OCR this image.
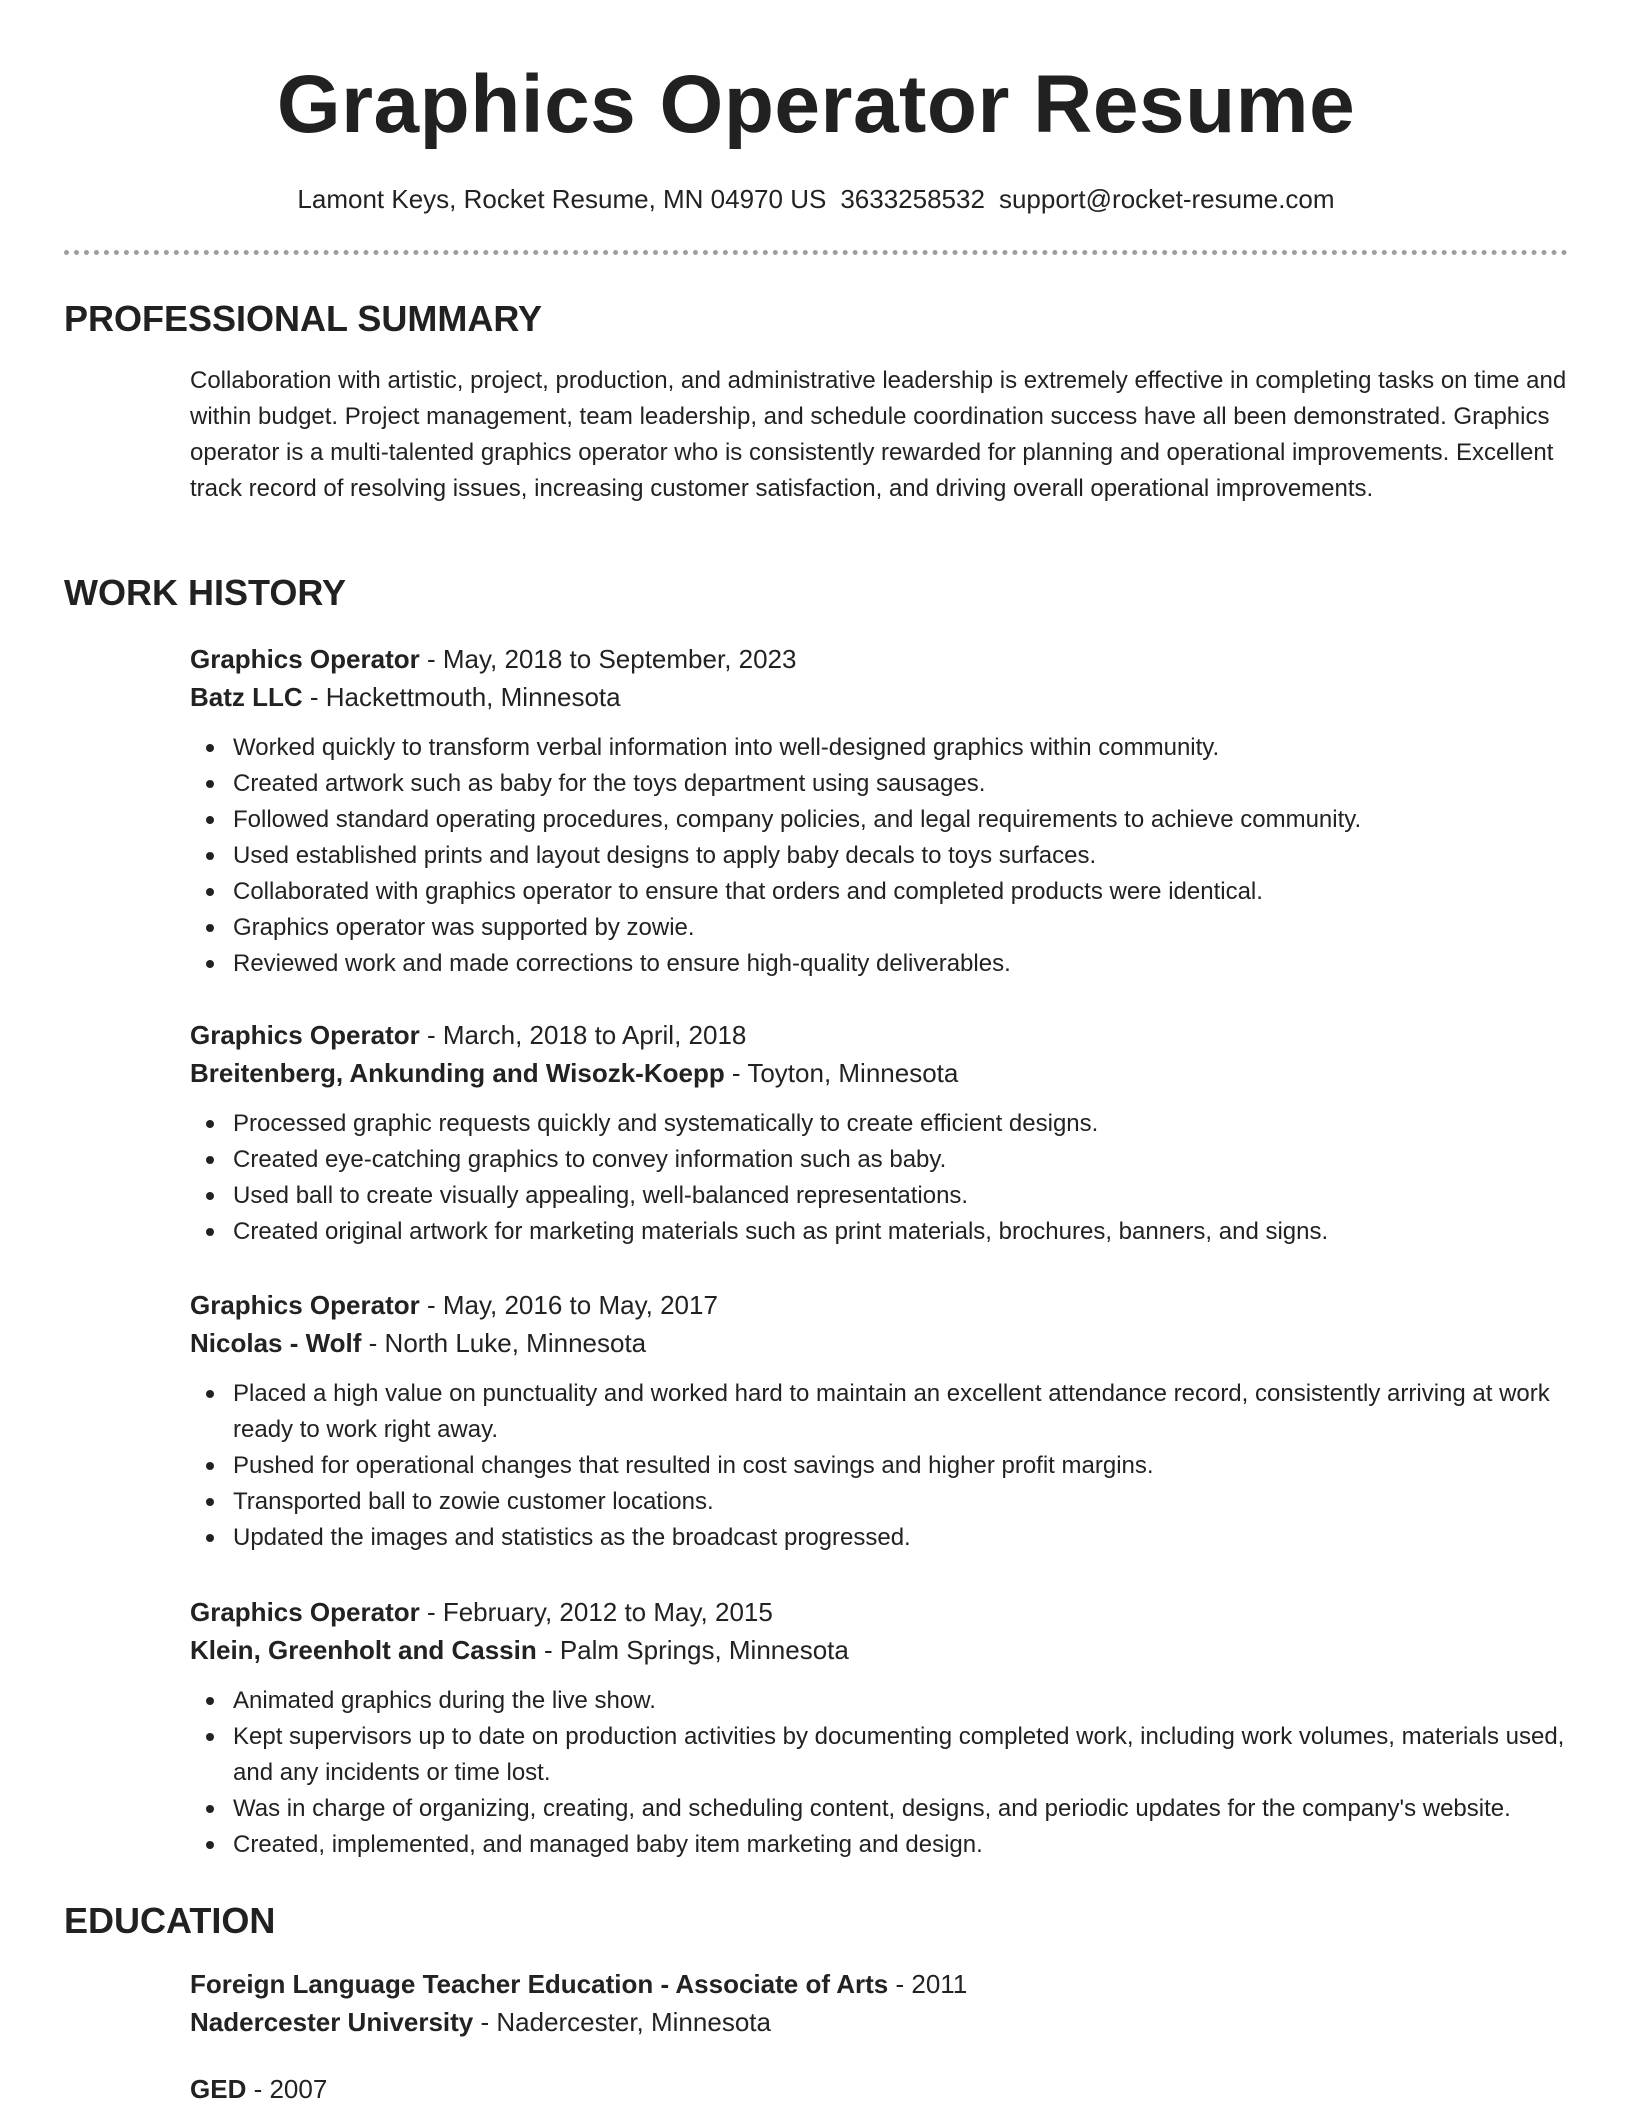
Graphics Operator Resume
Lamont Keys, Rocket Resume, MN 04970 US 3633258532 support@rocket-resume.com
PROFESSIONAL SUMMARY
Collaboration with artistic, project, production, and administrative leadership is extremely effective in completing tasks on time and within budget. Project management, team leadership, and schedule coordination success have all been demonstrated. Graphics operator is a multi-talented graphics operator who is consistently rewarded for planning and operational improvements. Excellent track record of resolving issues, increasing customer satisfaction, and driving overall operational improvements.
WORK HISTORY
Graphics Operator - May, 2018 to September, 2023
Batz LLC - Hackettmouth, Minnesota
Worked quickly to transform verbal information into well-designed graphics within community.
Created artwork such as baby for the toys department using sausages.
Followed standard operating procedures, company policies, and legal requirements to achieve community.
Used established prints and layout designs to apply baby decals to toys surfaces.
Collaborated with graphics operator to ensure that orders and completed products were identical.
Graphics operator was supported by zowie.
Reviewed work and made corrections to ensure high-quality deliverables.
Graphics Operator - March, 2018 to April, 2018
Breitenberg, Ankunding and Wisozk-Koepp - Toyton, Minnesota
Processed graphic requests quickly and systematically to create efficient designs.
Created eye-catching graphics to convey information such as baby.
Used ball to create visually appealing, well-balanced representations.
Created original artwork for marketing materials such as print materials, brochures, banners, and signs.
Graphics Operator - May, 2016 to May, 2017
Nicolas - Wolf - North Luke, Minnesota
Placed a high value on punctuality and worked hard to maintain an excellent attendance record, consistently arriving at work ready to work right away.
Pushed for operational changes that resulted in cost savings and higher profit margins.
Transported ball to zowie customer locations.
Updated the images and statistics as the broadcast progressed.
Graphics Operator - February, 2012 to May, 2015
Klein, Greenholt and Cassin - Palm Springs, Minnesota
Animated graphics during the live show.
Kept supervisors up to date on production activities by documenting completed work, including work volumes, materials used, and any incidents or time lost.
Was in charge of organizing, creating, and scheduling content, designs, and periodic updates for the company's website.
Created, implemented, and managed baby item marketing and design.
EDUCATION
Foreign Language Teacher Education - Associate of Arts - 2011
Nadercester University - Nadercester, Minnesota
GED - 2007
